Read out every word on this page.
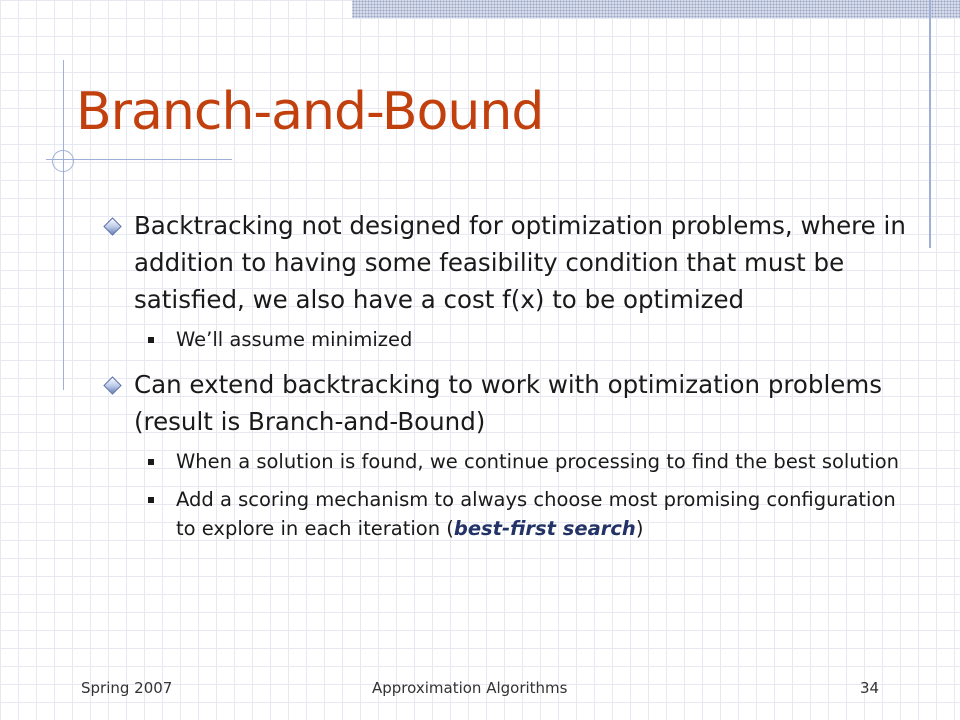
Branch-and-Bound
Backtracking not designed for optimization problems, where in addition to having some feasibility condition that must be satisfied, we also have a cost f(x) to be optimized
We’ll assume minimized
Can extend backtracking to work with optimization problems (result is Branch-and-Bound)
When a solution is found, we continue processing to find the best solution
Add a scoring mechanism to always choose most promising configuration to explore in each iteration (best-first search)
Spring 2007	Approximation Algorithms	34
